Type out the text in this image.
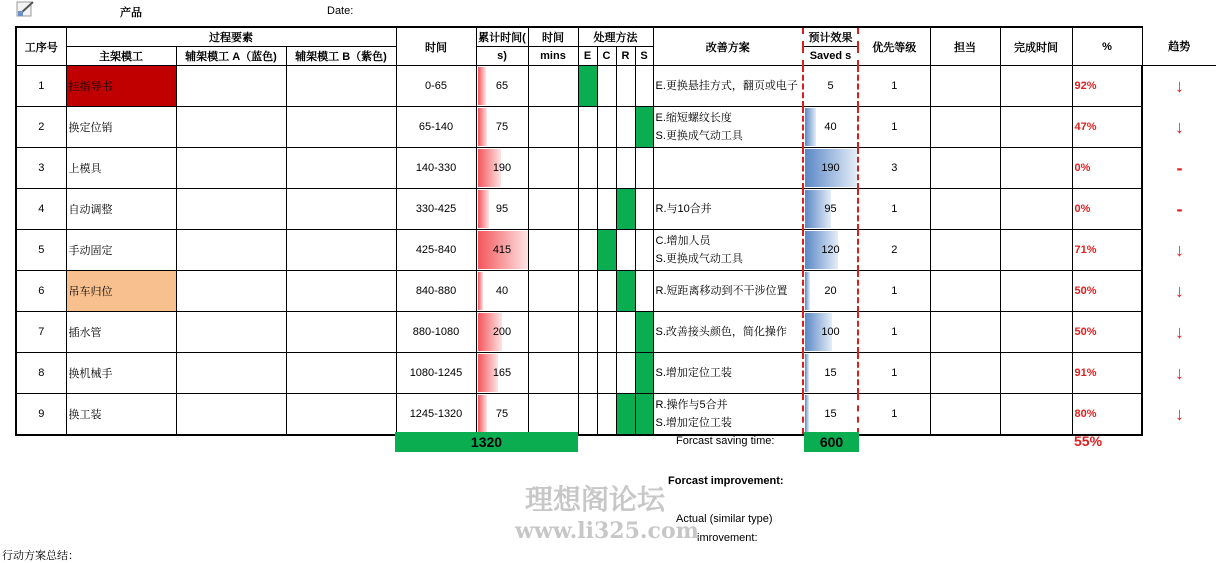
产品	Date:
工序号	过程要素			时间	累计时间(	时间	处理方法				改善方案	预计效果	优先等级	担当	完成时间	%	趋势
	主架模工	辅架模工 A（蓝色)	辅架模工 B（紫色)		s)	mins	E	C	R	S		Saved s					
1	挂指导书			0-65	65						E.更换悬挂方式，翻页或电子	5	1			92%	↓
2	换定位销			65-140	75						E.缩短螺纹长度
S.更换成气动工具	40	1			47%	↓
3	上模具			140-330	190							190	3			0%	-
4	自动调整			330-425	95						R.与10合并	95	1			0%	-
5	手动固定			425-840	415						C.增加人员
S.更换成气动工具	120	2			71%	↓
6	吊车归位			840-880	40						R.短距离移动到不干涉位置	20	1			50%	↓
7	插水管			880-1080	200						S.改善接头颜色，简化操作	100	1			50%	↓
8	换机械手			1080-1245	165						S.增加定位工装	15	1			91%	↓
9	换工装			1245-1320	75						R.操作与5合并
S.增加定位工装	15	1			80%	↓
1320	Forcast saving time:	600	55%
Forcast improvement:
Actual (similar type)
imrovement:
行动方案总结：
理想阁论坛
www.li325.com
